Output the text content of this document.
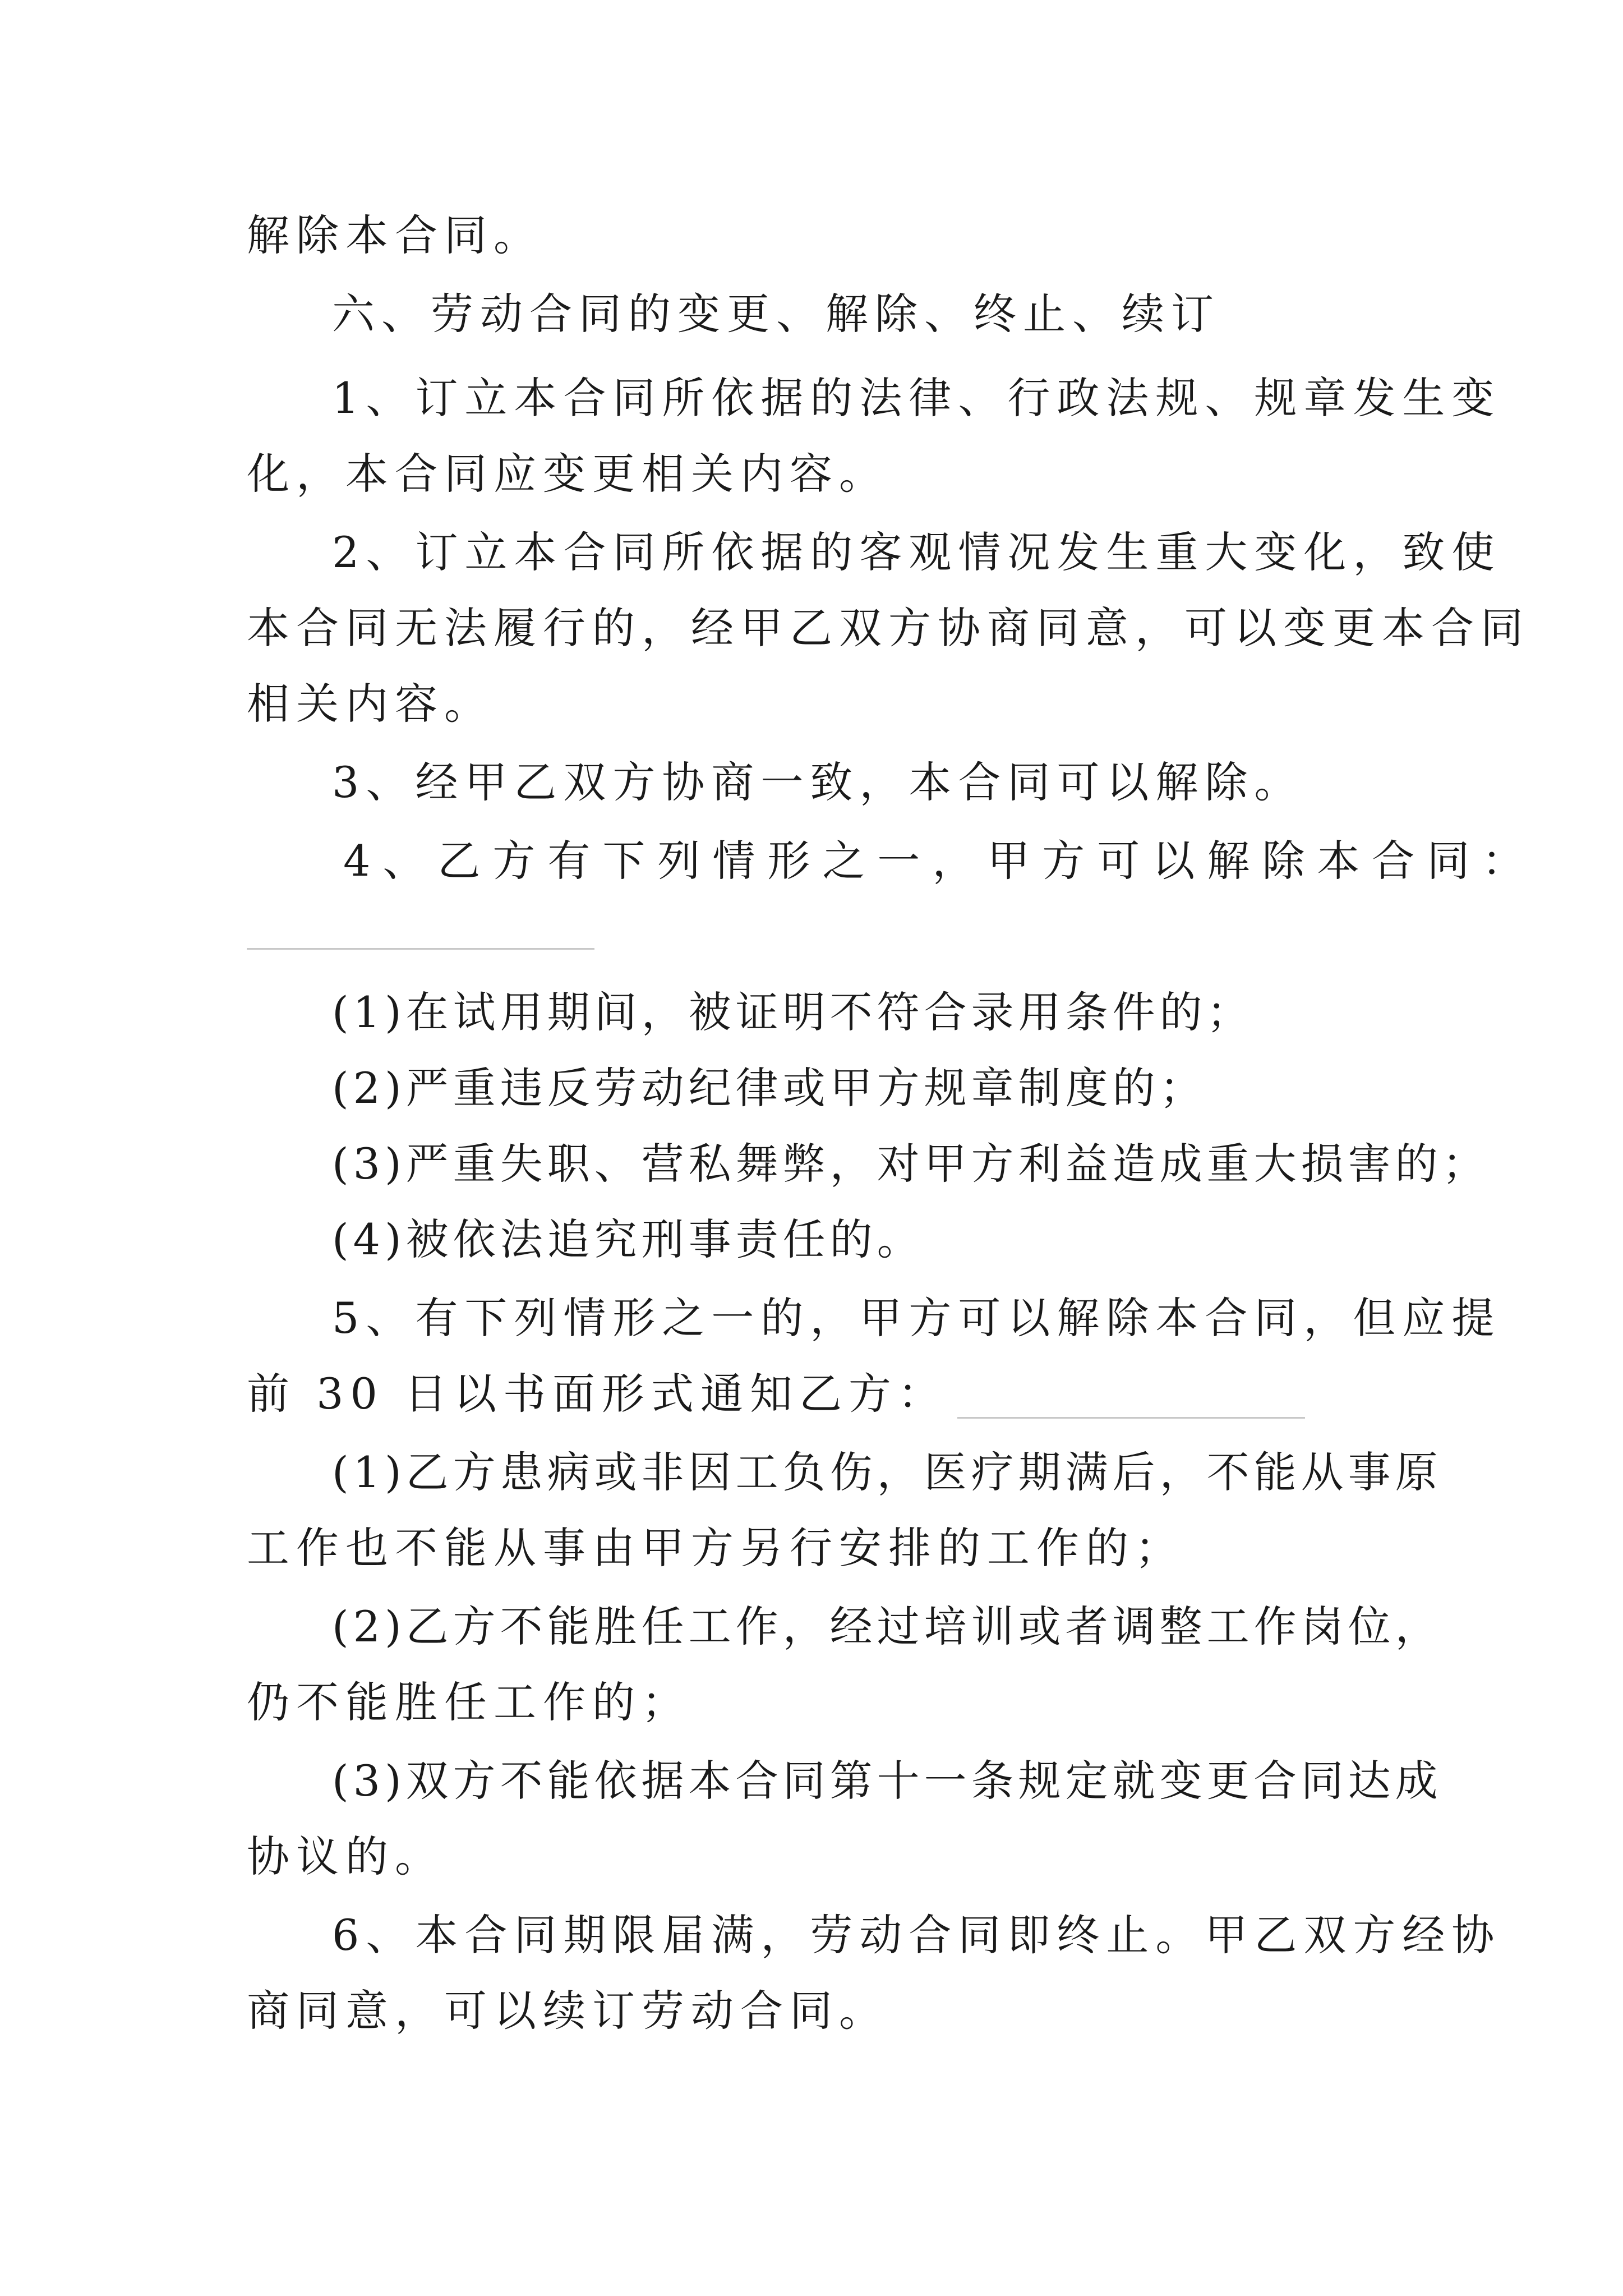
解除本合同。

六、劳动合同的变更、解除、终止、续订

1、订立本合同所依据的法律、行政法规、规章发生变

化，本合同应变更相关内容。

2、订立本合同所依据的客观情况发生重大变化，致使

本合同无法履行的，经甲乙双方协商同意，可以变更本合同

相关内容。

3、经甲乙双方协商一致，本合同可以解除。

4、乙方有下列情形之一，甲方可以解除本合同：

(1)在试用期间，被证明不符合录用条件的；

(2)严重违反劳动纪律或甲方规章制度的；

(3)严重失职、营私舞弊，对甲方利益造成重大损害的；

(4)被依法追究刑事责任的。

5、有下列情形之一的，甲方可以解除本合同，但应提

前 30 日以书面形式通知乙方：

(1)乙方患病或非因工负伤，医疗期满后，不能从事原

工作也不能从事由甲方另行安排的工作的；

(2)乙方不能胜任工作，经过培训或者调整工作岗位，

仍不能胜任工作的；

(3)双方不能依据本合同第十一条规定就变更合同达成

协议的。

6、本合同期限届满，劳动合同即终止。甲乙双方经协

商同意，可以续订劳动合同。
